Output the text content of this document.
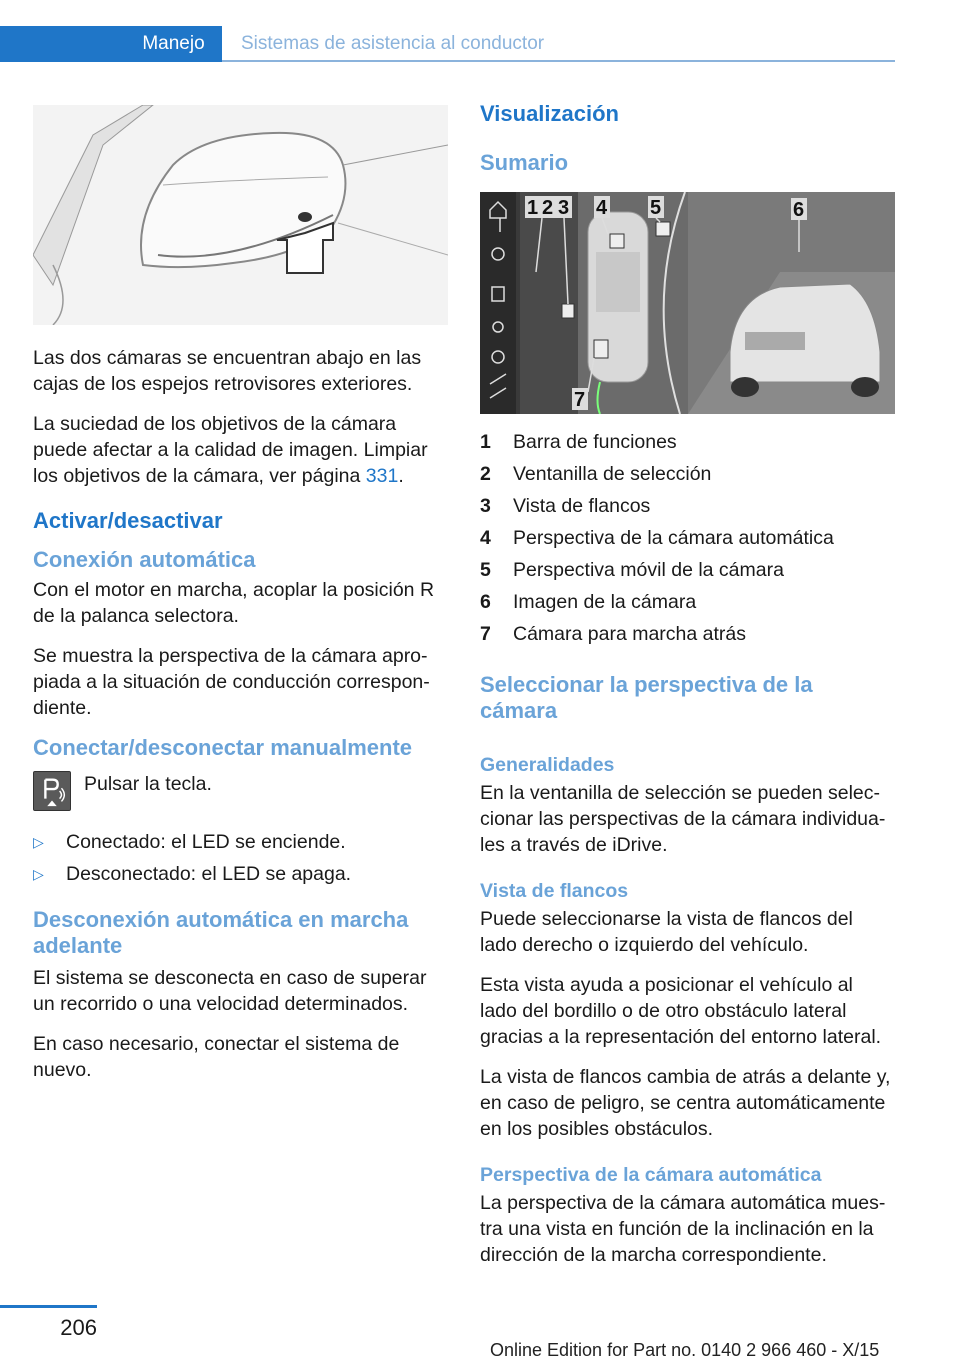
Manejo	Sistemas de asistencia al conductor

Las dos cámaras se encuentran abajo en las cajas de los espejos retrovisores exteriores.

La suciedad de los objetivos de la cámara puede afectar a la calidad de imagen. Limpiar los objetivos de la cámara, ver página 331.

Activar/desactivar
Conexión automática

Con el motor en marcha, acoplar la posición R de la palanca selectora.

Se muestra la perspectiva de la cámara apro‐piada a la situación de conducción correspon‐diente.

Conectar/desconectar manualmente
Pulsar la tecla.
▷ Conectado: el LED se enciende.
▷ Desconectado: el LED se apaga.
Desconexión automática en marcha adelante

El sistema se desconecta en caso de superar un recorrido o una velocidad determinados.

En caso necesario, conectar el sistema de nuevo.

Visualización
Sumario
1 2 3 4 5	6
7
1	Barra de funciones
2	Ventanilla de selección
3	Vista de flancos
4	Perspectiva de la cámara automática
5	Perspectiva móvil de la cámara
6	Imagen de la cámara
7	Cámara para marcha atrás
Seleccionar la perspectiva de la cámara
Generalidades

En la ventanilla de selección se pueden selec‐cionar las perspectivas de la cámara individua‐les a través de iDrive.

Vista de flancos

Puede seleccionarse la vista de flancos del lado derecho o izquierdo del vehículo.

Esta vista ayuda a posicionar el vehículo al lado del bordillo o de otro obstáculo lateral gracias a la representación del entorno lateral.

La vista de flancos cambia de atrás a delante y, en caso de peligro, se centra automáticamente en los posibles obstáculos.

Perspectiva de la cámara automática

La perspectiva de la cámara automática mues‐tra una vista en función de la inclinación en la dirección de la marcha correspondiente.

206
Online Edition for Part no. 0140 2 966 460 - X/15
